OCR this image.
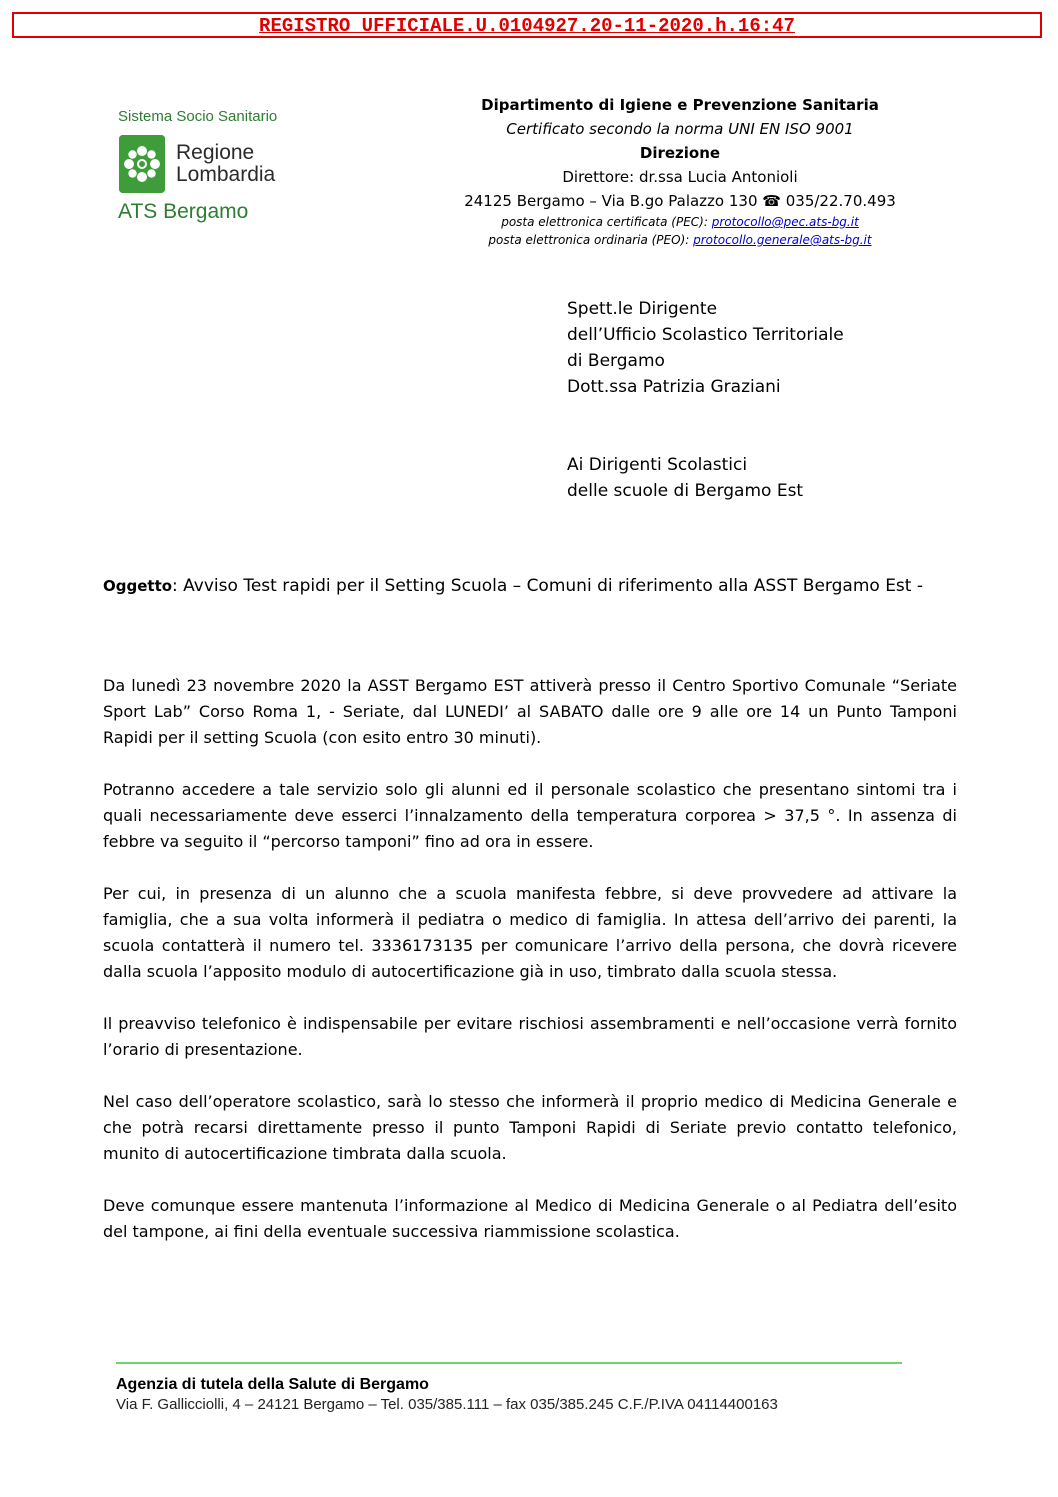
REGISTRO UFFICIALE.U.0104927.20-11-2020.h.16:47
Sistema Socio Sanitario
Regione
Lombardia
ATS Bergamo
Dipartimento di Igiene e Prevenzione Sanitaria
Certificato secondo la norma UNI EN ISO 9001
Direzione
Direttore: dr.ssa Lucia Antonioli
24125 Bergamo – Via B.go Palazzo 130 ☎ 035/22.70.493
posta elettronica certificata (PEC): protocollo@pec.ats-bg.it
posta elettronica ordinaria (PEO): protocollo.generale@ats-bg.it
Spett.le Dirigente
dell’Ufficio Scolastico Territoriale
di Bergamo
Dott.ssa Patrizia Graziani
Ai Dirigenti Scolastici
delle scuole di Bergamo Est
Oggetto: Avviso Test rapidi per il Setting Scuola – Comuni di riferimento alla ASST Bergamo Est -

Da lunedì 23 novembre 2020 la ASST Bergamo EST attiverà presso il Centro Sportivo Comunale “Seriate Sport Lab” Corso Roma 1, - Seriate, dal LUNEDI’ al SABATO dalle ore 9 alle ore 14 un Punto Tamponi Rapidi per il setting Scuola (con esito entro 30 minuti).

Potranno accedere a tale servizio solo gli alunni ed il personale scolastico che presentano sintomi tra i quali necessariamente deve esserci l’innalzamento della temperatura corporea > 37,5 °. In assenza di febbre va seguito il “percorso tamponi” fino ad ora in essere.

Per cui, in presenza di un alunno che a scuola manifesta febbre, si deve provvedere ad attivare la famiglia, che a sua volta informerà il pediatra o medico di famiglia. In attesa dell’arrivo dei parenti, la scuola contatterà il numero tel. 3336173135 per comunicare l’arrivo della persona, che dovrà ricevere dalla scuola l’apposito modulo di autocertificazione già in uso, timbrato dalla scuola stessa.

Il preavviso telefonico è indispensabile per evitare rischiosi assembramenti e nell’occasione verrà fornito l’orario di presentazione.

Nel caso dell’operatore scolastico, sarà lo stesso che informerà il proprio medico di Medicina Generale e che potrà recarsi direttamente presso il punto Tamponi Rapidi di Seriate previo contatto telefonico, munito di autocertificazione timbrata dalla scuola.

Deve comunque essere mantenuta l’informazione al Medico di Medicina Generale o al Pediatra dell’esito del tampone, ai fini della eventuale successiva riammissione scolastica.

Agenzia di tutela della Salute di Bergamo
Via F. Gallicciolli, 4 – 24121 Bergamo – Tel. 035/385.111 – fax 035/385.245 C.F./P.IVA 04114400163
